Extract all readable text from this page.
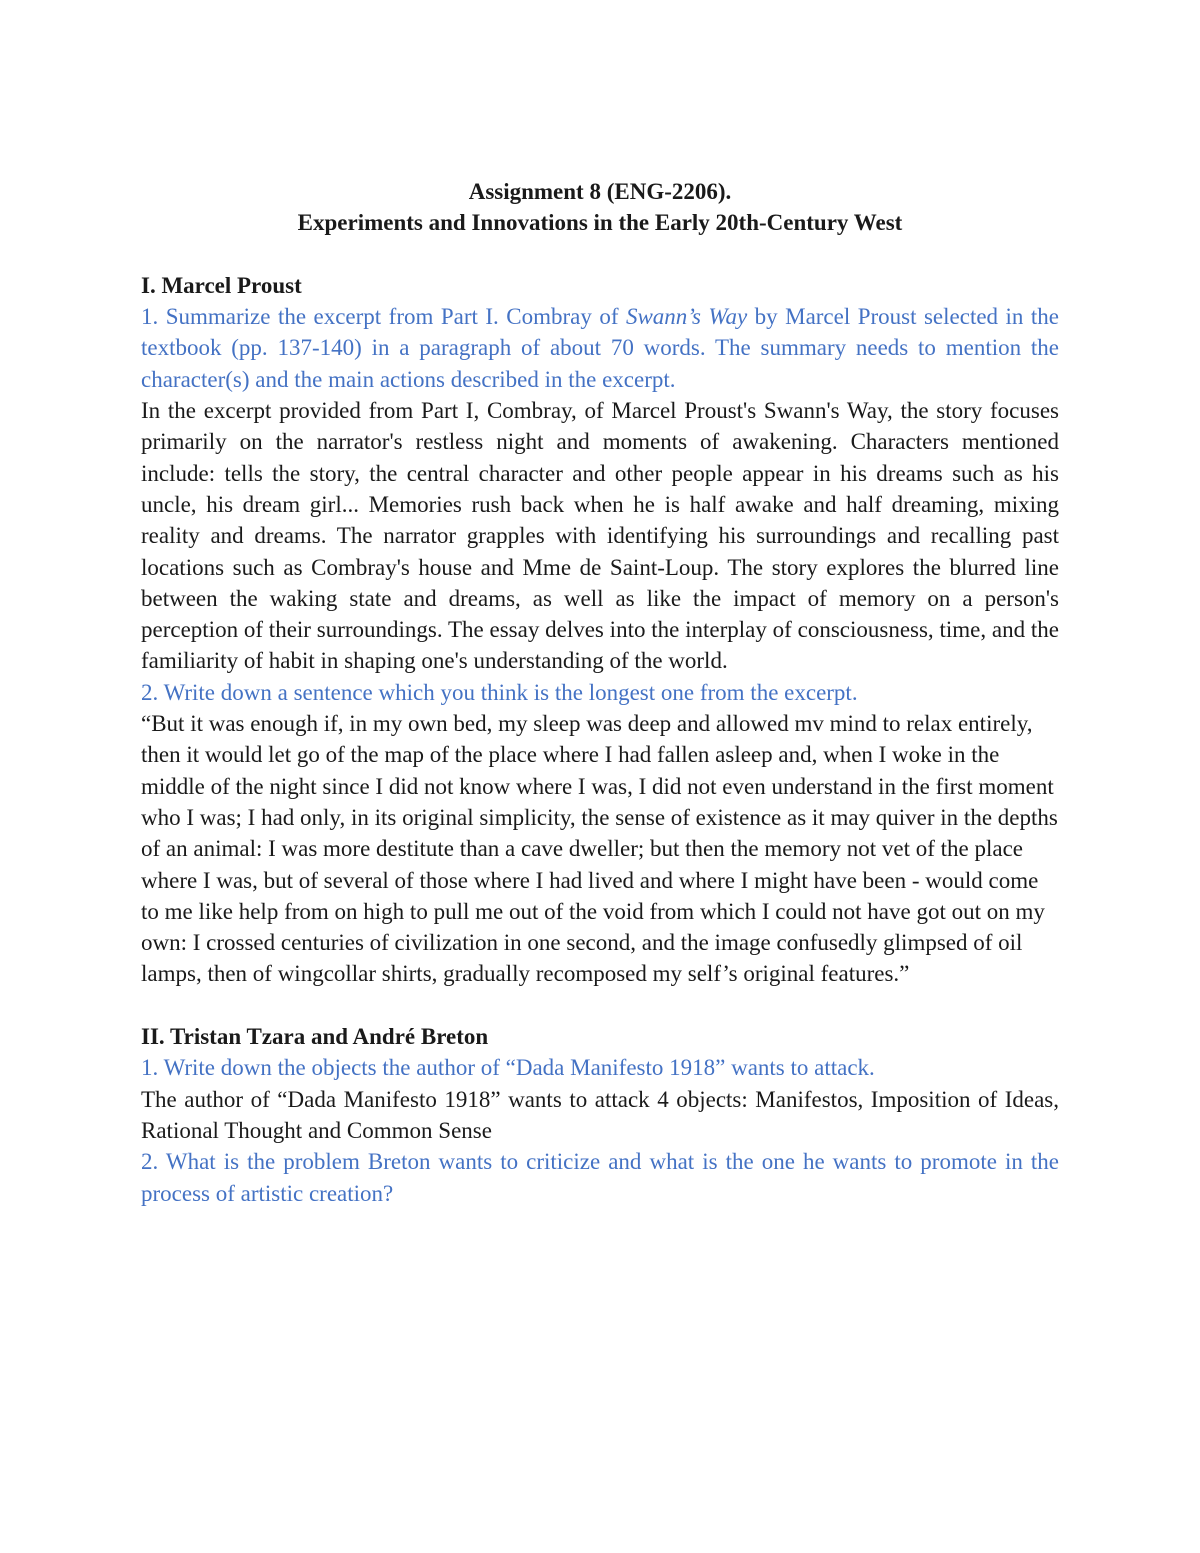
Assignment 8 (ENG-2206).

Experiments and Innovations in the Early 20th-Century West

I. Marcel Proust

1. Summarize the excerpt from Part I. Combray of Swann’s Way by Marcel Proust selected in the textbook (pp. 137-140) in a paragraph of about 70 words. The summary needs to mention the character(s) and the main actions described in the excerpt.

In the excerpt provided from Part I, Combray, of Marcel Proust's Swann's Way, the story focuses primarily on the narrator's restless night and moments of awakening. Characters mentioned include: tells the story, the central character and other people appear in his dreams such as his uncle, his dream girl... Memories rush back when he is half awake and half dreaming, mixing reality and dreams. The narrator grapples with identifying his surroundings and recalling past locations such as Combray's house and Mme de Saint-Loup. The story explores the blurred line between the waking state and dreams, as well as like the impact of memory on a person's perception of their surroundings. The essay delves into the interplay of consciousness, time, and the familiarity of habit in shaping one's understanding of the world.

2. Write down a sentence which you think is the longest one from the excerpt.

“But it was enough if, in my own bed, my sleep was deep and allowed mv mind to relax entirely, then it would let go of the map of the place where I had fallen asleep and, when I woke in the middle of the night since I did not know where I was, I did not even understand in the first moment who I was; I had only, in its original simplicity, the sense of existence as it may quiver in the depths of an animal: I was more destitute than a cave dweller; but then the memory not vet of the place where I was, but of several of those where I had lived and where I might have been - would come to me like help from on high to pull me out of the void from which I could not have got out on my own: I crossed centuries of civilization in one second, and the image confusedly glimpsed of oil lamps, then of wingcollar shirts, gradually recomposed my self’s original features.”

II. Tristan Tzara and André Breton

1. Write down the objects the author of “Dada Manifesto 1918” wants to attack.

The author of “Dada Manifesto 1918” wants to attack 4 objects: Manifestos, Imposition of Ideas, Rational Thought and Common Sense

2. What is the problem Breton wants to criticize and what is the one he wants to promote in the process of artistic creation?
